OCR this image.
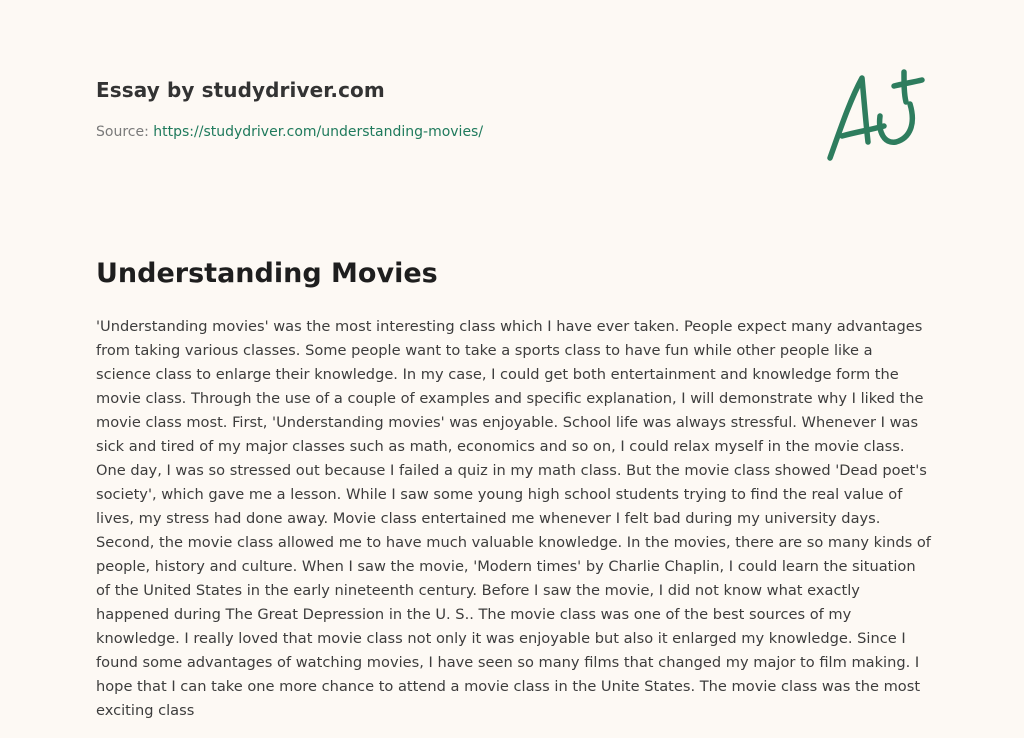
Essay by studydriver.com
Source: https://studydriver.com/understanding-movies/
Understanding Movies

'Understanding movies' was the most interesting class which I have ever taken. People expect many advantages
from taking various classes. Some people want to take a sports class to have fun while other people like a
science class to enlarge their knowledge. In my case, I could get both entertainment and knowledge form the
movie class. Through the use of a couple of examples and specific explanation, I will demonstrate why I liked the
movie class most. First, 'Understanding movies' was enjoyable. School life was always stressful. Whenever I was
sick and tired of my major classes such as math, economics and so on, I could relax myself in the movie class.
One day, I was so stressed out because I failed a quiz in my math class. But the movie class showed 'Dead poet's
society', which gave me a lesson. While I saw some young high school students trying to find the real value of
lives, my stress had done away. Movie class entertained me whenever I felt bad during my university days.
Second, the movie class allowed me to have much valuable knowledge. In the movies, there are so many kinds of
people, history and culture. When I saw the movie, 'Modern times' by Charlie Chaplin, I could learn the situation
of the United States in the early nineteenth century. Before I saw the movie, I did not know what exactly
happened during The Great Depression in the U. S.. The movie class was one of the best sources of my
knowledge. I really loved that movie class not only it was enjoyable but also it enlarged my knowledge. Since I
found some advantages of watching movies, I have seen so many films that changed my major to film making. I
hope that I can take one more chance to attend a movie class in the Unite States. The movie class was the most
exciting class
